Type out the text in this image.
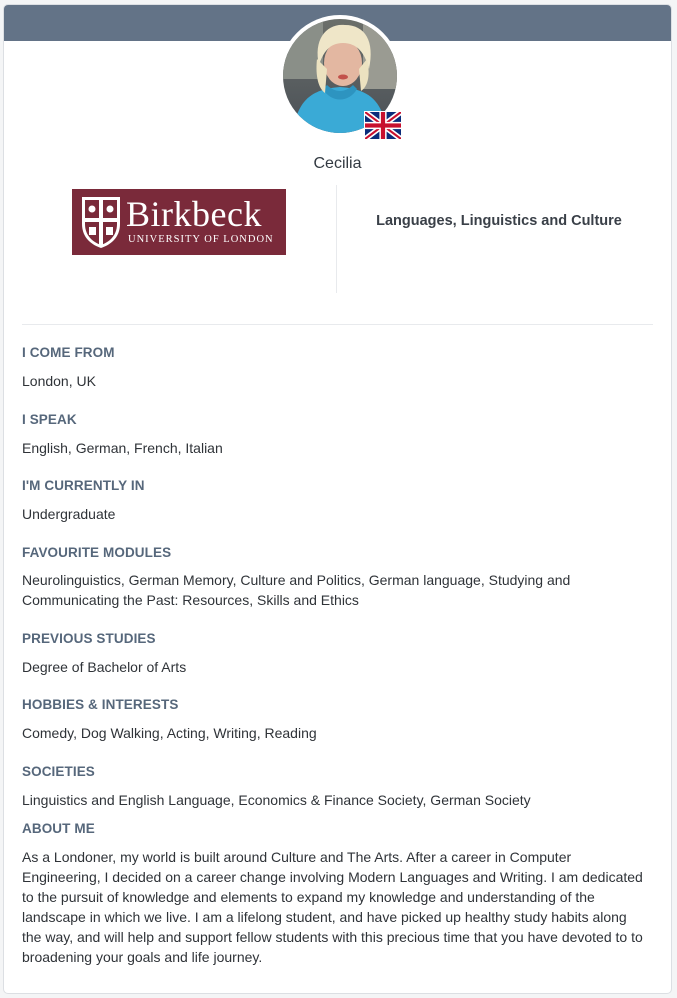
Cecilia
Birkbeck
UNIVERSITY OF LONDON
Languages, Linguistics and Culture
I COME FROM
London, UK
I SPEAK
English, German, French, Italian
I'M CURRENTLY IN
Undergraduate
FAVOURITE MODULES
Neurolinguistics, German Memory, Culture and Politics, German language, Studying and Communicating the Past: Resources, Skills and Ethics
PREVIOUS STUDIES
Degree of Bachelor of Arts
HOBBIES & INTERESTS
Comedy, Dog Walking, Acting, Writing, Reading
SOCIETIES
Linguistics and English Language, Economics & Finance Society, German Society
ABOUT ME
As a Londoner, my world is built around Culture and The Arts. After a career in Computer Engineering, I decided on a career change involving Modern Languages and Writing. I am dedicated to the pursuit of knowledge and elements to expand my knowledge and understanding of the landscape in which we live. I am a lifelong student, and have picked up healthy study habits along the way, and will help and support fellow students with this precious time that you have devoted to to broadening your goals and life journey.
